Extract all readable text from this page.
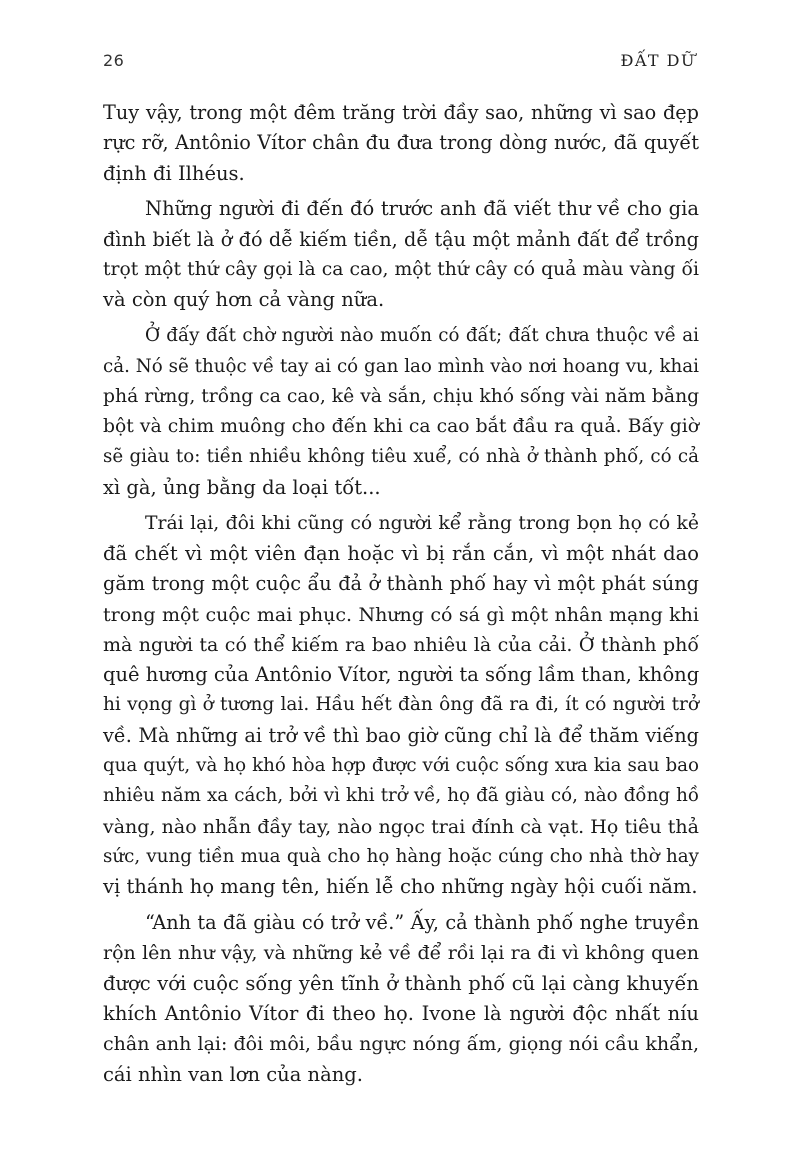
26	ĐẤT DỮ
Tuy vậy, trong một đêm trăng trời đầy sao, những vì sao đẹp
rực rỡ, Antônio Vítor chân đu đưa trong dòng nước, đã quyết
định đi Ilhéus.
Những người đi đến đó trước anh đã viết thư về cho gia
đình biết là ở đó dễ kiếm tiền, dễ tậu một mảnh đất để trồng
trọt một thứ cây gọi là ca cao, một thứ cây có quả màu vàng ối
và còn quý hơn cả vàng nữa.
Ở đấy đất chờ người nào muốn có đất; đất chưa thuộc về ai
cả. Nó sẽ thuộc về tay ai có gan lao mình vào nơi hoang vu, khai
phá rừng, trồng ca cao, kê và sắn, chịu khó sống vài năm bằng
bột và chim muông cho đến khi ca cao bắt đầu ra quả. Bấy giờ
sẽ giàu to: tiền nhiều không tiêu xuể, có nhà ở thành phố, có cả
xì gà, ủng bằng da loại tốt...
Trái lại, đôi khi cũng có người kể rằng trong bọn họ có kẻ
đã chết vì một viên đạn hoặc vì bị rắn cắn, vì một nhát dao
găm trong một cuộc ẩu đả ở thành phố hay vì một phát súng
trong một cuộc mai phục. Nhưng có sá gì một nhân mạng khi
mà người ta có thể kiếm ra bao nhiêu là của cải. Ở thành phố
quê hương của Antônio Vítor, người ta sống lầm than, không
hi vọng gì ở tương lai. Hầu hết đàn ông đã ra đi, ít có người trở
về. Mà những ai trở về thì bao giờ cũng chỉ là để thăm viếng
qua quýt, và họ khó hòa hợp được với cuộc sống xưa kia sau bao
nhiêu năm xa cách, bởi vì khi trở về, họ đã giàu có, nào đồng hồ
vàng, nào nhẫn đầy tay, nào ngọc trai đính cà vạt. Họ tiêu thả
sức, vung tiền mua quà cho họ hàng hoặc cúng cho nhà thờ hay
vị thánh họ mang tên, hiến lễ cho những ngày hội cuối năm.
“Anh ta đã giàu có trở về.” Ấy, cả thành phố nghe truyền
rộn lên như vậy, và những kẻ về để rồi lại ra đi vì không quen
được với cuộc sống yên tĩnh ở thành phố cũ lại càng khuyến
khích Antônio Vítor đi theo họ. Ivone là người độc nhất níu
chân anh lại: đôi môi, bầu ngực nóng ấm, giọng nói cầu khẩn,
cái nhìn van lơn của nàng.
